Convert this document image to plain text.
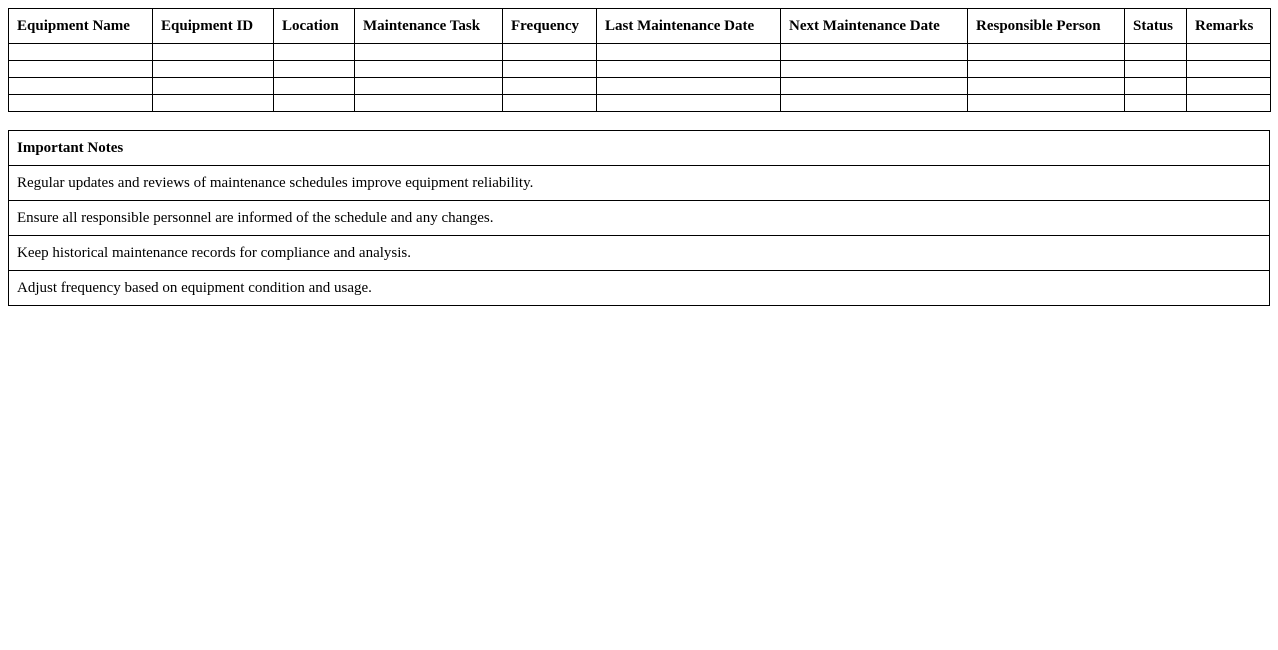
Equipment Name	Equipment ID	Location	Maintenance Task	Frequency	Last Maintenance Date	Next Maintenance Date	Responsible Person	Status	Remarks

Important Notes
Regular updates and reviews of maintenance schedules improve equipment reliability.
Ensure all responsible personnel are informed of the schedule and any changes.
Keep historical maintenance records for compliance and analysis.
Adjust frequency based on equipment condition and usage.
